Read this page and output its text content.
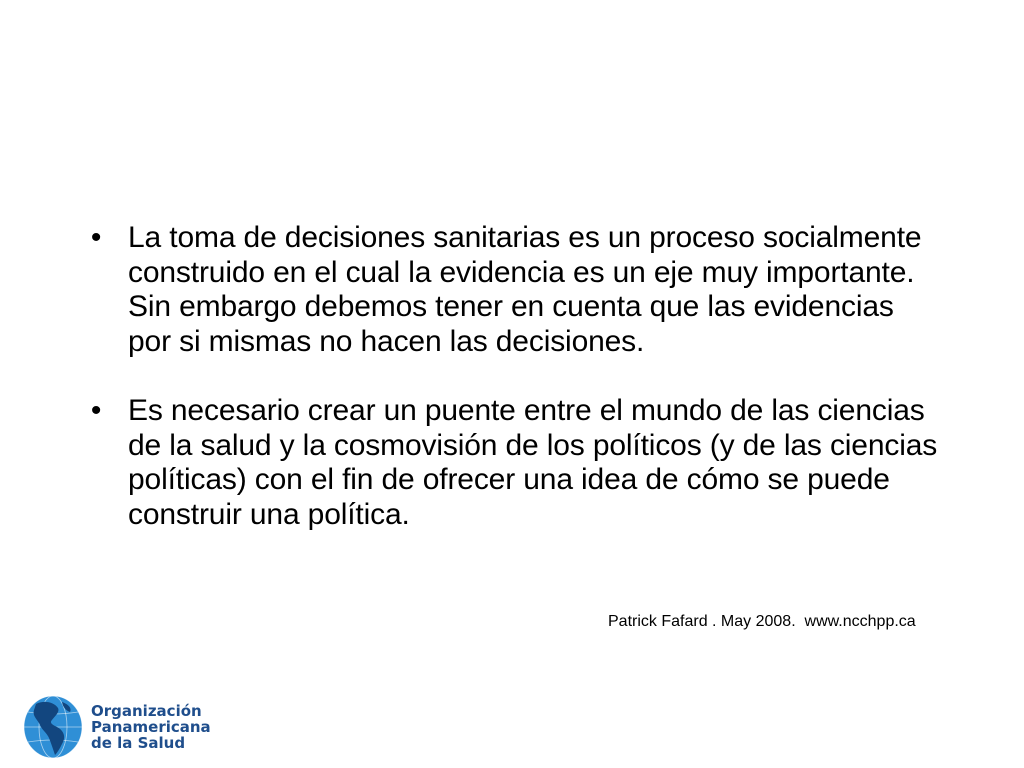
• La toma de decisiones sanitarias es un proceso socialmente construido en el cual la evidencia es un eje muy importante. Sin embargo debemos tener en cuenta que las evidencias por si mismas no hacen las decisiones.
• Es necesario crear un puente entre el mundo de las ciencias de la salud y la cosmovisión de los políticos (y de las ciencias políticas) con el fin de ofrecer una idea de cómo se puede construir una política.
Patrick Fafard . May 2008.  www.ncchpp.ca
Organización
Panamericana
de la Salud
